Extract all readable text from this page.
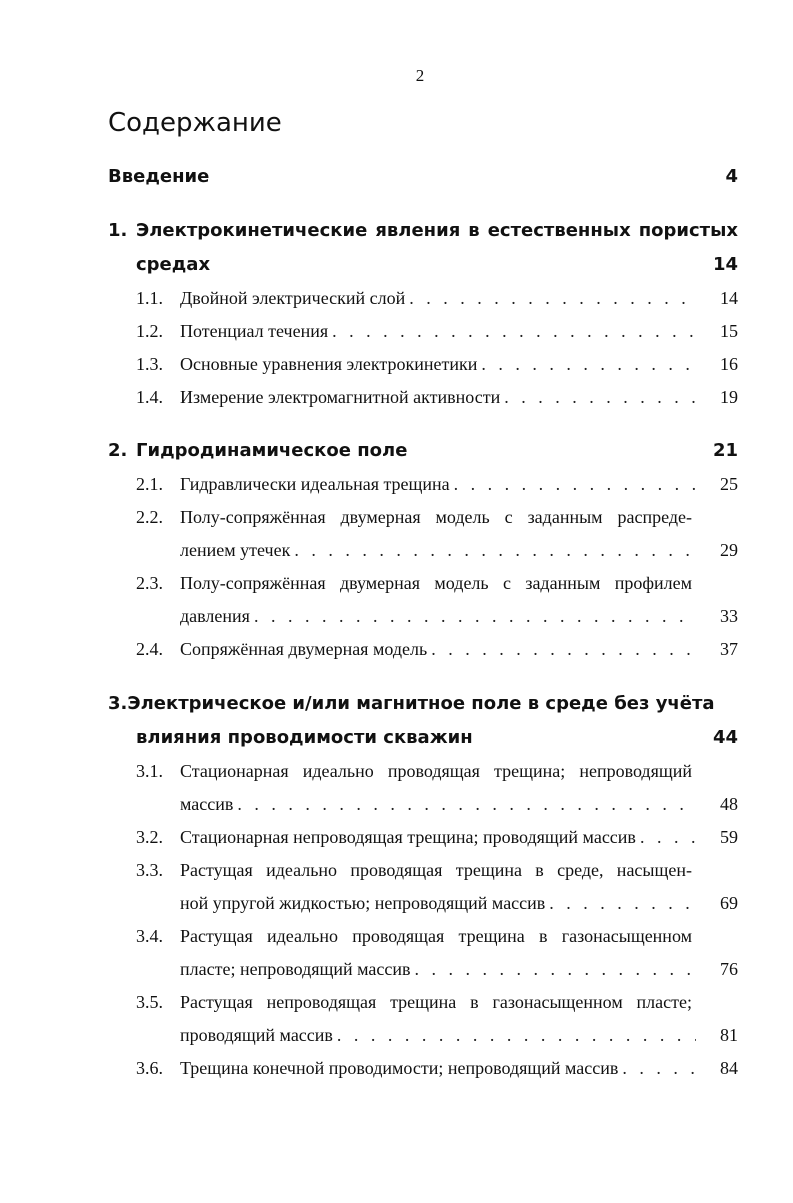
2
Содержание
Введение	4
1. Электрокинетические явления в естественных пористых
средах	14
1.1. Двойной электрический слой . . .	14
1.2. Потенциал течения . . .	15
1.3. Основные уравнения электрокинетики . . .	16
1.4. Измерение электромагнитной активности . . .	19
2. Гидродинамическое поле	21
2.1. Гидравлически идеальная трещина . . .	25
2.2. Полу-сопряжённая двумерная модель с заданным распреде-
лением утечек . . .	29
2.3. Полу-сопряжённая двумерная модель с заданным профилем
давления . . .	33
2.4. Сопряжённая двумерная модель . . .	37
3. Электрическое и/или магнитное поле в среде без учёта
влияния проводимости скважин	44
3.1. Стационарная идеально проводящая трещина; непроводящий
массив . . .	48
3.2. Стационарная непроводящая трещина; проводящий массив . . .	59
3.3. Растущая идеально проводящая трещина в среде, насыщен-
ной упругой жидкостью; непроводящий массив . . .	69
3.4. Растущая идеально проводящая трещина в газонасыщенном
пласте; непроводящий массив . . .	76
3.5. Растущая непроводящая трещина в газонасыщенном пласте;
проводящий массив . . .	81
3.6. Трещина конечной проводимости; непроводящий массив . . .	84
